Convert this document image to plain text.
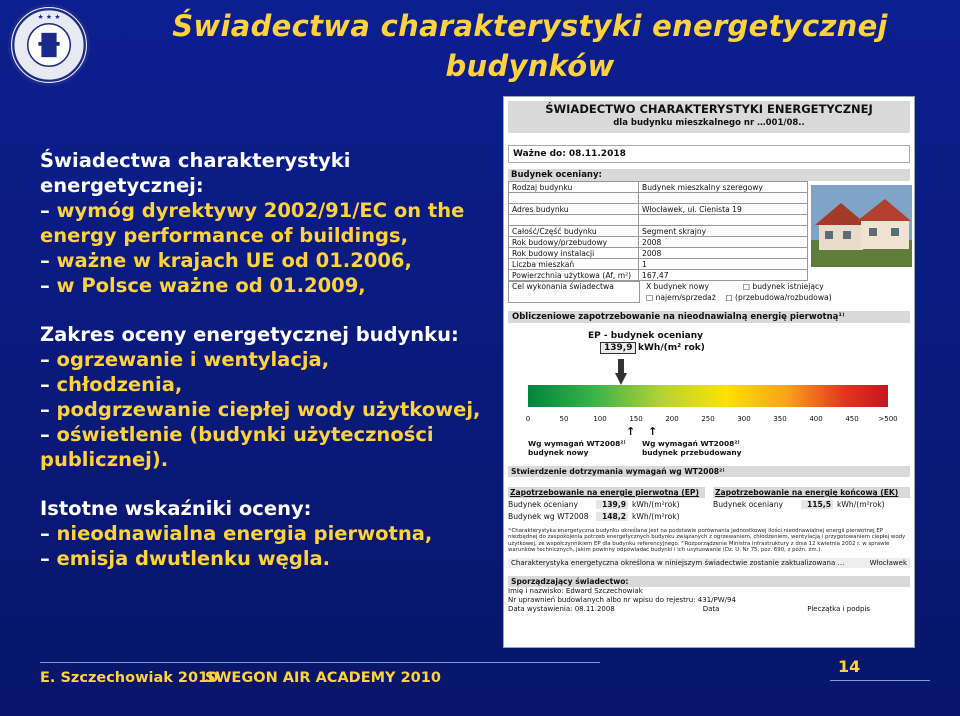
★ ★ ★	Świadectwa charakterystyki energetycznej
budynków
Świadectwa charakterystyki energetycznej:
– wymóg dyrektywy 2002/91/EC on the energy performance of buildings,
– ważne w krajach UE od 01.2006,
– w Polsce ważne od 01.2009,
Zakres oceny energetycznej budynku:
– ogrzewanie i wentylacja,
– chłodzenia,
– podgrzewanie ciepłej wody użytkowej,
– oświetlenie (budynki użyteczności publicznej).
Istotne wskaźniki oceny:
– nieodnawialna energia pierwotna,
– emisja dwutlenku węgla.
ŚWIADECTWO CHARAKTERYSTYKI ENERGETYCZNEJ
dla budynku mieszkalnego nr …001/08..
Ważne do: 08.11.2018
Budynek oceniany:
Rodzaj budynku	Budynek mieszkalny szeregowy

Adres budynku	Włocławek, ul. Cienista 19

Całość/Część budynku	Segment skrajny
Rok budowy/przebudowy	2008
Rok budowy instalacji	2008
Liczba mieszkań	1
Powierzchnia użytkowa (Af, m²)	167,47
Cel wykonania świadectwa	X budynek nowy	□ budynek istniejący
□ najem/sprzedaż □ (przebudowa/rozbudowa)
Obliczeniowe zapotrzebowanie na nieodnawialną energię pierwotną¹⁾
EP - budynek oceniany
139,9 kWh/(m² rok)
0	50	100	150	200	250	300	350	400	450	>500
↑ ↑
Wg wymagań WT2008²⁾ budynek nowy
Wg wymagań WT2008²⁾ budynek przebudowany
Stwierdzenie dotrzymania wymagań wg WT2008²⁾
Zapotrzebowanie na energię pierwotną (EP)
Budynek oceniany	139,9 kWh/(m²rok)
Budynek wg WT2008	148,2 kWh/(m²rok)
Zapotrzebowanie na energię końcową (EK)
Budynek oceniany	115,5 kWh/(m²rok)
¹⁾Charakterystyka energetyczna budynku określana jest na podstawie porównania jednostkowej ilości nieodnawialnej energii pierwotnej EP niezbędnej do zaspokojenia potrzeb energetycznych budynku związanych z ogrzewaniem, chłodzeniem, wentylacją i przygotowaniem ciepłej wody użytkowej, ze współczynnikiem EP dla budynku referencyjnego. ²⁾Rozporządzenie Ministra Infrastruktury z dnia 12 kwietnia 2002 r. w sprawie warunków technicznych, jakim powinny odpowiadać budynki i ich usytuowanie (Dz. U. Nr 75, poz. 690, z późn. zm.).
Charakterystyka energetyczna określona w niniejszym świadectwie zostanie zaktualizowana …	Włocławek
Sporządzający świadectwo:
Imię i nazwisko: Edward Szczechowiak
Nr uprawnień budowlanych albo nr wpisu do rejestru: 431/PW/94
Data wystawienia: 08.11.2008	Data	Pieczątka i podpis
E. Szczechowiak 2010
SWEGON AIR ACADEMY 2010
14
